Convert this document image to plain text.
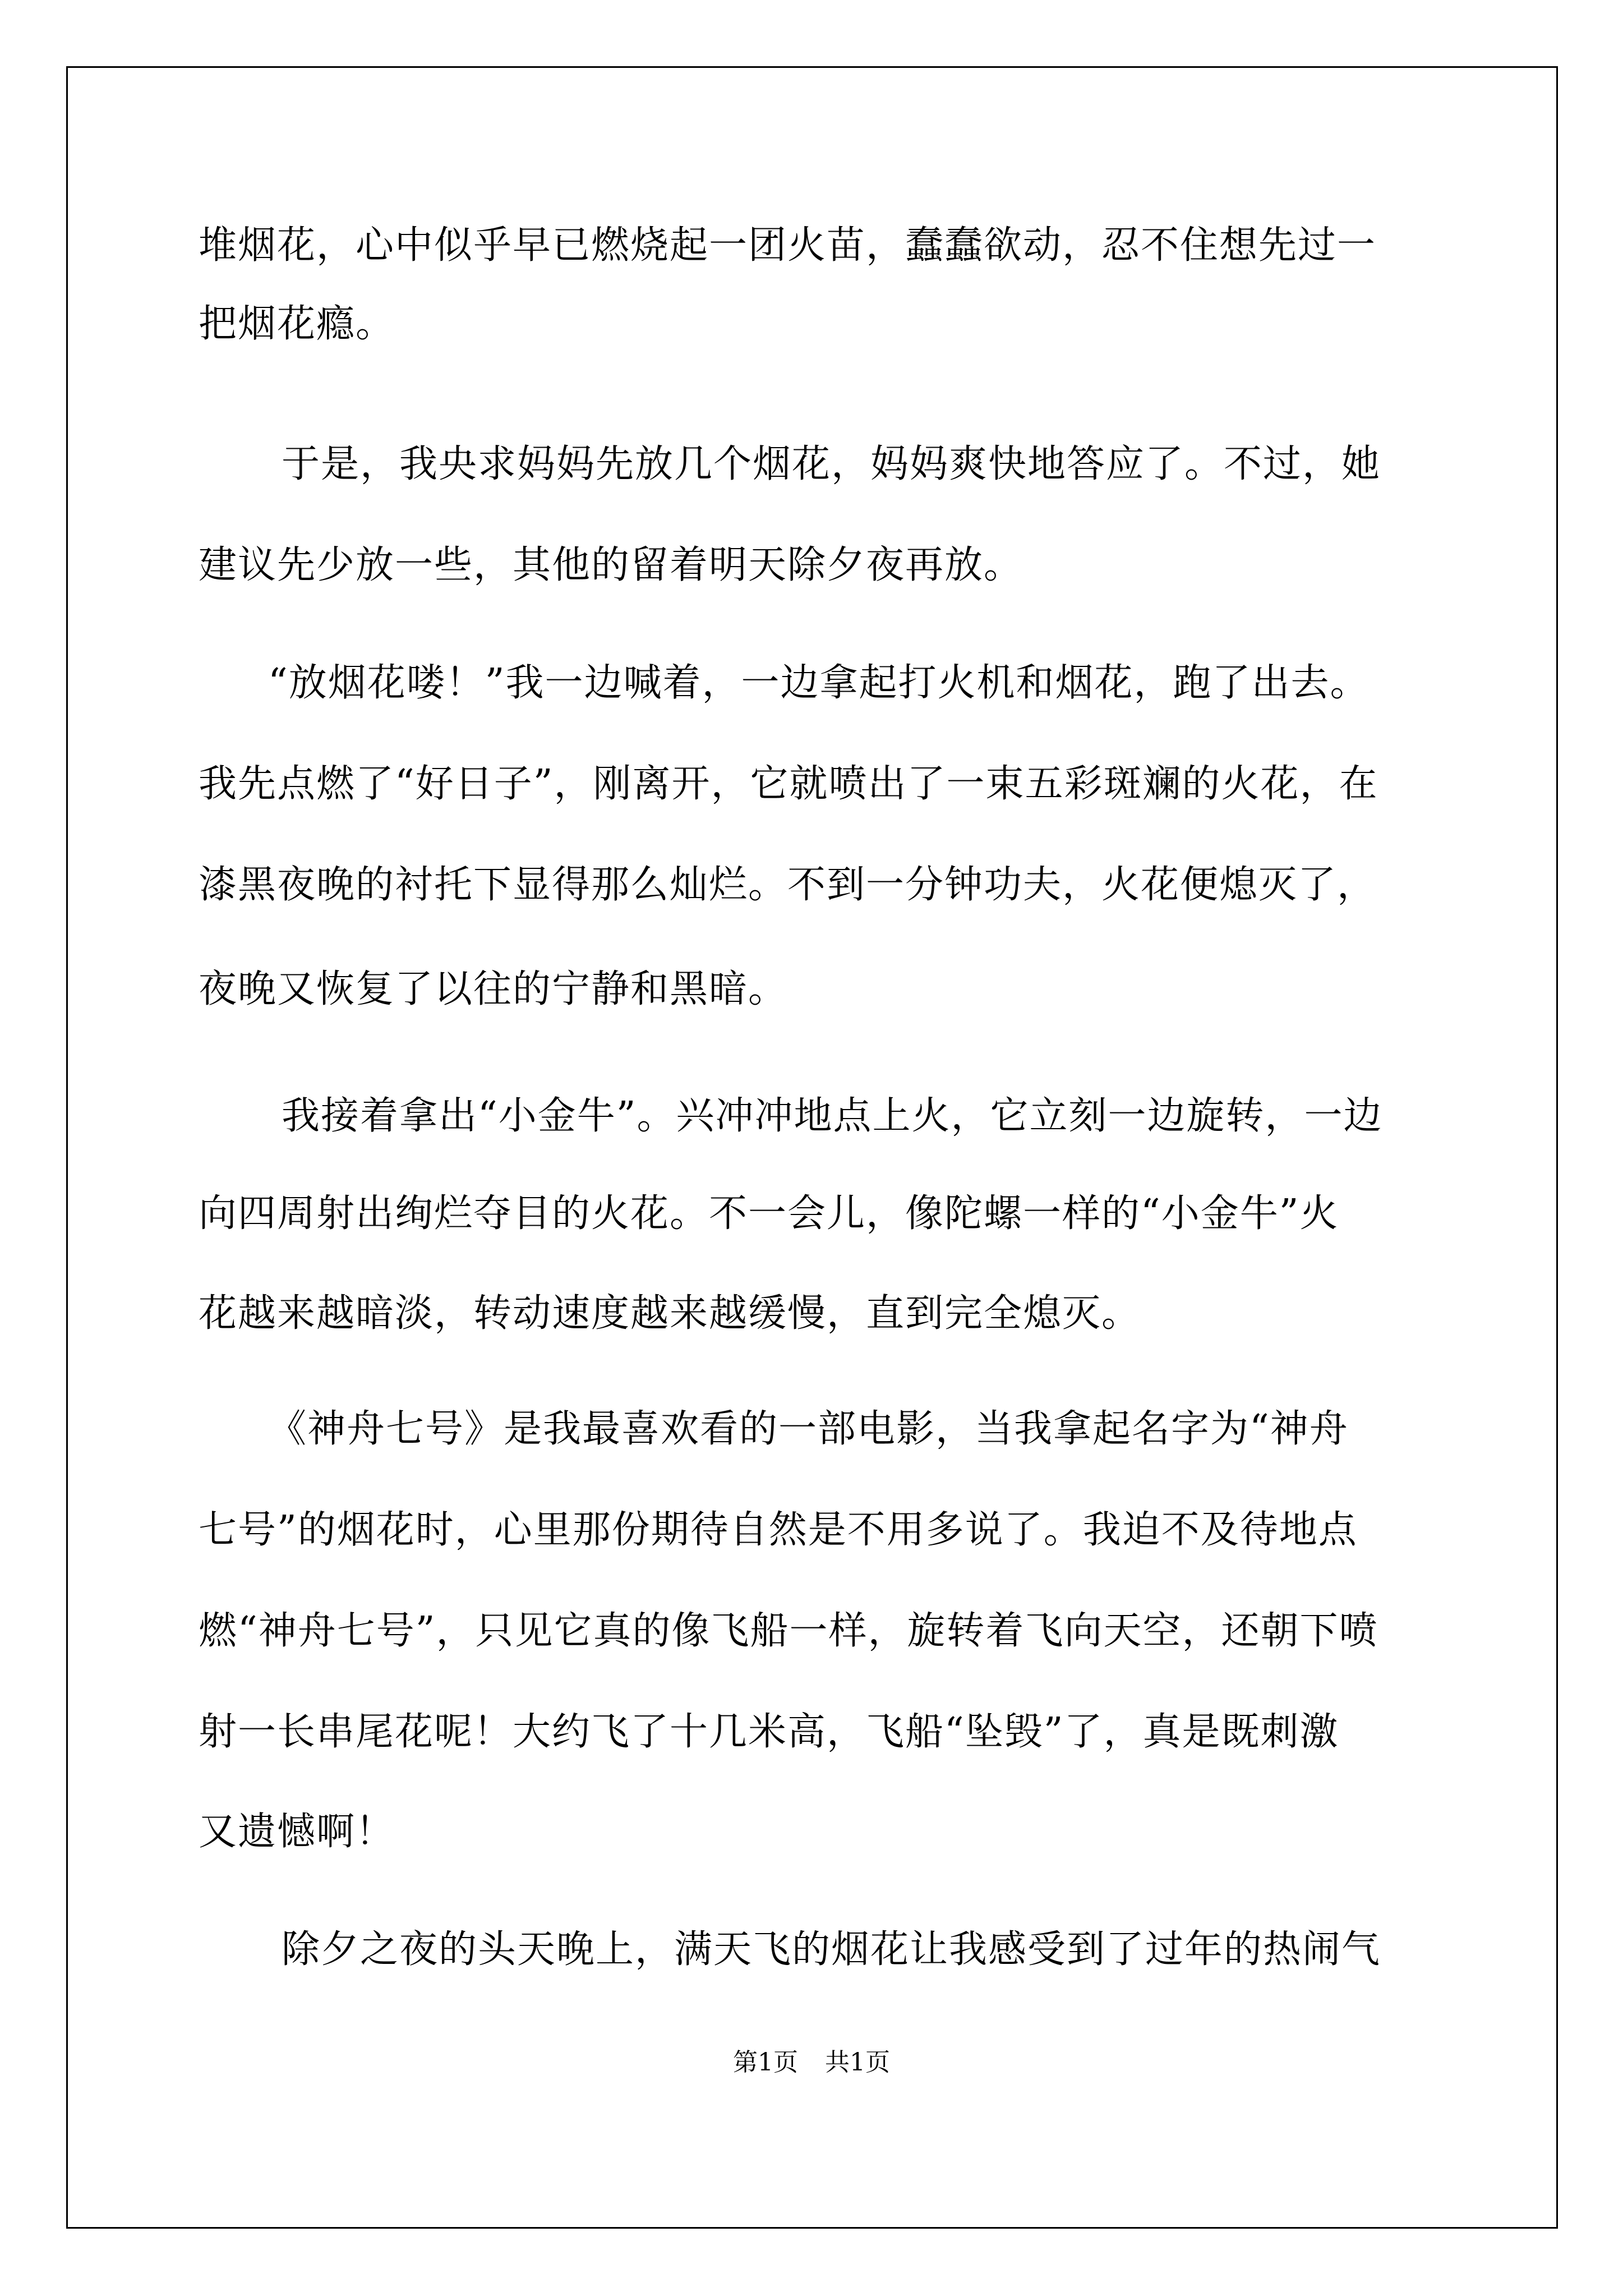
堆烟花，心中似乎早已燃烧起一团火苗，蠢蠢欲动，忍不住想先过一
把烟花瘾。
于是，我央求妈妈先放几个烟花，妈妈爽快地答应了。不过，她
建议先少放一些，其他的留着明天除夕夜再放。
“放烟花喽！”我一边喊着，一边拿起打火机和烟花，跑了出去。
我先点燃了“好日子”，刚离开，它就喷出了一束五彩斑斓的火花，在
漆黑夜晚的衬托下显得那么灿烂。不到一分钟功夫，火花便熄灭了，
夜晚又恢复了以往的宁静和黑暗。
我接着拿出“小金牛”。兴冲冲地点上火，它立刻一边旋转，一边
向四周射出绚烂夺目的火花。不一会儿，像陀螺一样的“小金牛”火
花越来越暗淡，转动速度越来越缓慢，直到完全熄灭。
《神舟七号》是我最喜欢看的一部电影，当我拿起名字为“神舟
七号”的烟花时，心里那份期待自然是不用多说了。我迫不及待地点
燃“神舟七号”，只见它真的像飞船一样，旋转着飞向天空，还朝下喷
射一长串尾花呢！大约飞了十几米高，飞船“坠毁”了，真是既刺激
又遗憾啊！
除夕之夜的头天晚上，满天飞的烟花让我感受到了过年的热闹气
第1页 共1页
